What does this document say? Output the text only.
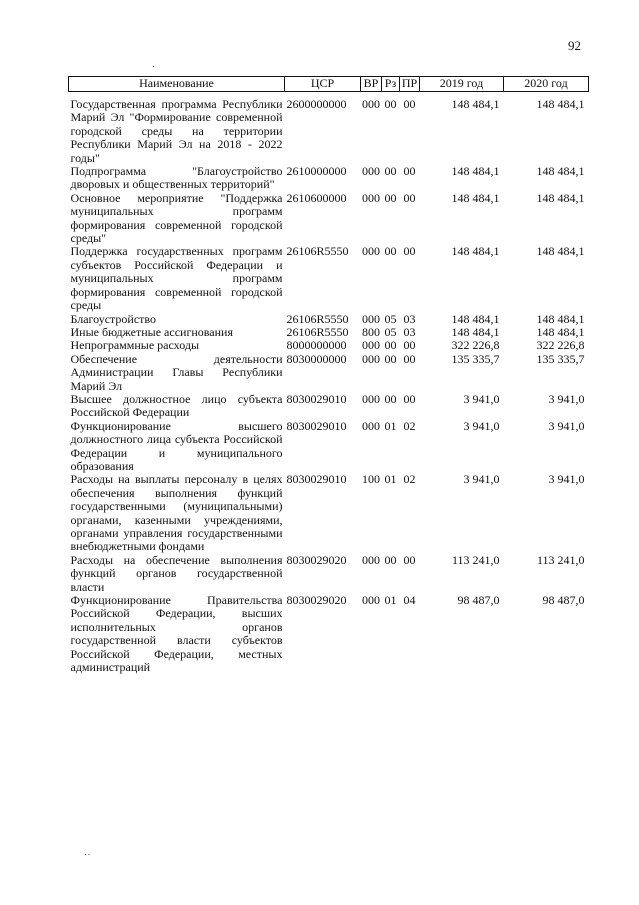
92
Наименование	ЦСР	ВР	Рз	ПР	2019 год	2020 год
Государственная программа Республики Марий Эл "Формирование современной городской среды на территории Республики Марий Эл на 2018 - 2022 годы"	2600000000	000	00	00	148 484,1	148 484,1
Подпрограмма "Благоустройство дворовых и общественных территорий"	2610000000	000	00	00	148 484,1	148 484,1
Основное мероприятие "Поддержка муниципальных программ формирования современной городской среды"	2610600000	000	00	00	148 484,1	148 484,1
Поддержка государственных программ субъектов Российской Федерации и муниципальных программ формирования современной городской среды	26106R5550	000	00	00	148 484,1	148 484,1
Благоустройство	26106R5550	000	05	03	148 484,1	148 484,1
Иные бюджетные ассигнования	26106R5550	800	05	03	148 484,1	148 484,1
Непрограммные расходы	8000000000	000	00	00	322 226,8	322 226,8
Обеспечение деятельности Администрации Главы Республики Марий Эл	8030000000	000	00	00	135 335,7	135 335,7
Высшее должностное лицо субъекта Российской Федерации	8030029010	000	00	00	3 941,0	3 941,0
Функционирование высшего должностного лица субъекта Российской Федерации и муниципального образования	8030029010	000	01	02	3 941,0	3 941,0
Расходы на выплаты персоналу в целях обеспечения выполнения функций государственными (муниципальными) органами, казенными учреждениями, органами управления государственными внебюджетными фондами	8030029010	100	01	02	3 941,0	3 941,0
Расходы на обеспечение выполнения функций органов государственной власти	8030029020	000	00	00	113 241,0	113 241,0
Функционирование Правительства Российской Федерации, высших исполнительных органов государственной власти субъектов Российской Федерации, местных администраций	8030029020	000	01	04	98 487,0	98 487,0
·
··
